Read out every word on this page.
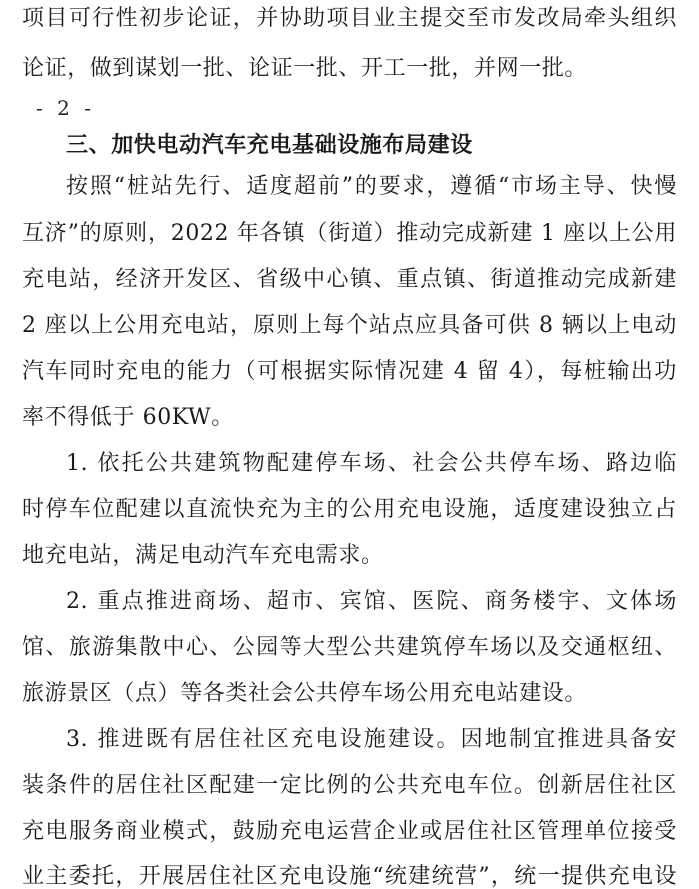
项目可行性初步论证，并协助项目业主提交至市发改局牵头组织
论证，做到谋划一批、论证一批、开工一批，并网一批。
- 2 -
三、加快电动汽车充电基础设施布局建设
按照“桩站先行、适度超前”的要求，遵循“市场主导、快慢
互济”的原则，2022 年各镇（街道）推动完成新建 1 座以上公用
充电站，经济开发区、省级中心镇、重点镇、街道推动完成新建
2 座以上公用充电站，原则上每个站点应具备可供 8 辆以上电动
汽车同时充电的能力（可根据实际情况建 4 留 4），每桩输出功
率不得低于 60KW。
1. 依托公共建筑物配建停车场、社会公共停车场、路边临
时停车位配建以直流快充为主的公用充电设施，适度建设独立占
地充电站，满足电动汽车充电需求。
2. 重点推进商场、超市、宾馆、医院、商务楼宇、文体场
馆、旅游集散中心、公园等大型公共建筑停车场以及交通枢纽、
旅游景区（点）等各类社会公共停车场公用充电站建设。
3. 推进既有居住社区充电设施建设。因地制宜推进具备安
装条件的居住社区配建一定比例的公共充电车位。创新居住社区
充电服务商业模式，鼓励充电运营企业或居住社区管理单位接受
业主委托，开展居住社区充电设施“统建统营”，统一提供充电设
